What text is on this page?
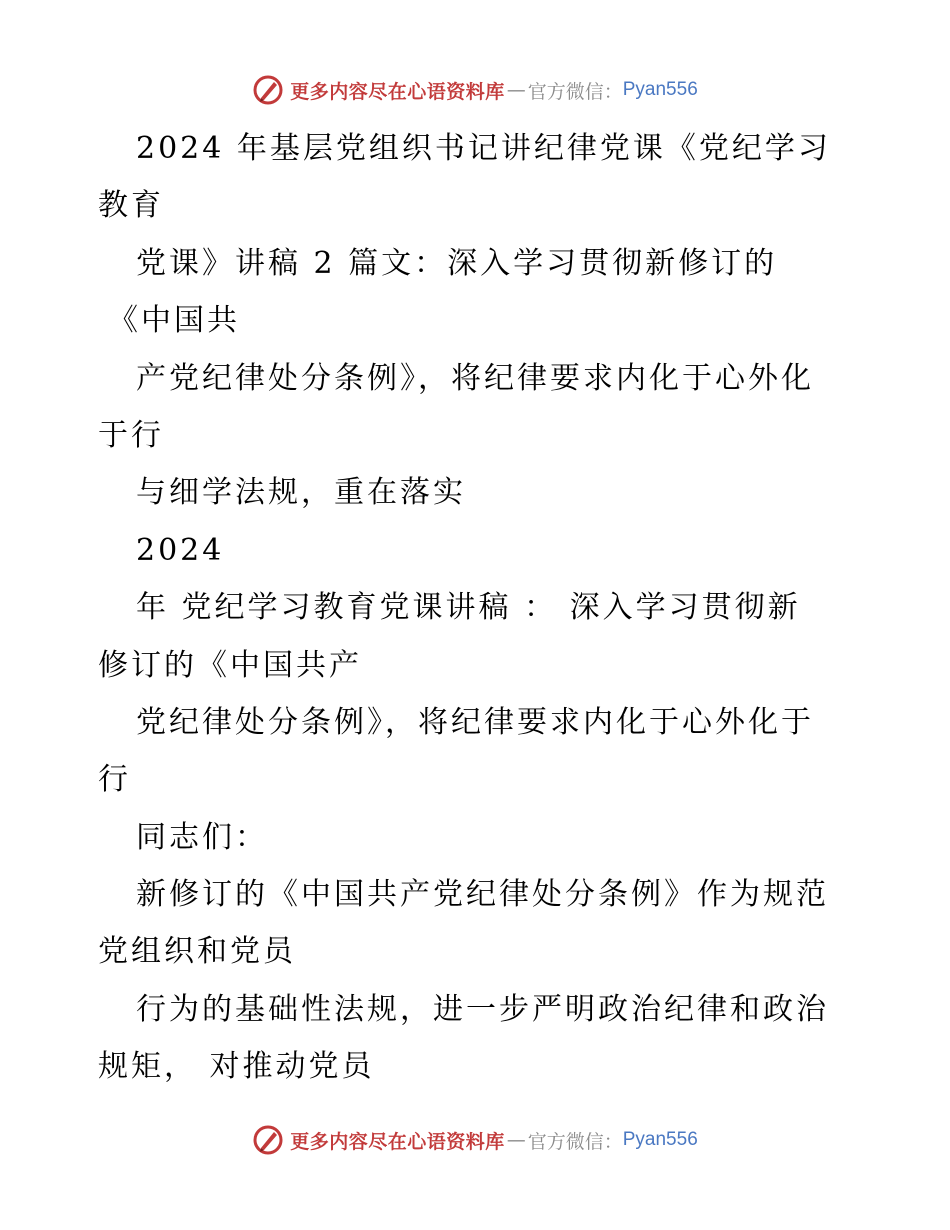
更多内容尽在心语资料库 — 官方微信： Pyan556
2024 年基层党组织书记讲纪律党课《党纪学习
教育
党课》讲稿 2 篇文：深入学习贯彻新修订的
《中国共
产党纪律处分条例》，将纪律要求内化于心外化
于行
与细学法规，重在落实
2024
年 党纪学习教育党课讲稿 ： 深入学习贯彻新
修订的《中国共产
党纪律处分条例》，将纪律要求内化于心外化于
行
同志们：
新修订的《中国共产党纪律处分条例》作为规范
党组织和党员
行为的基础性法规，进一步严明政治纪律和政治
规矩， 对推动党员
更多内容尽在心语资料库 — 官方微信： Pyan556
